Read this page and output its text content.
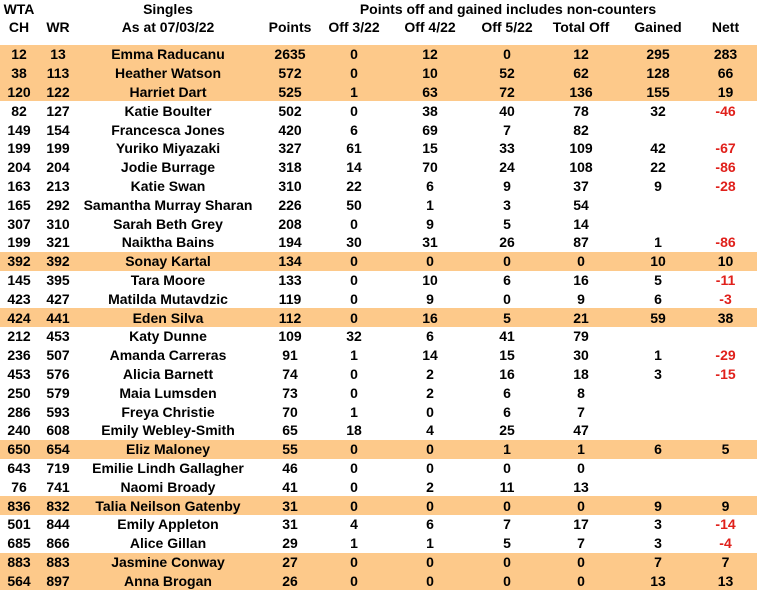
WTA		Singles		Points off and gained includes non-counters					
CH	WR	As at 07/03/22	Points	Off 3/22	Off 4/22	Off 5/22	Total Off	Gained	Nett

12	13	Emma Raducanu	2635	0	12	0	12	295	283
38	113	Heather Watson	572	0	10	52	62	128	66
120	122	Harriet Dart	525	1	63	72	136	155	19
82	127	Katie Boulter	502	0	38	40	78	32	-46
149	154	Francesca Jones	420	6	69	7	82		
199	199	Yuriko Miyazaki	327	61	15	33	109	42	-67
204	204	Jodie Burrage	318	14	70	24	108	22	-86
163	213	Katie Swan	310	22	6	9	37	9	-28
165	292	Samantha Murray Sharan	226	50	1	3	54		
307	310	Sarah Beth Grey	208	0	9	5	14		
199	321	Naiktha Bains	194	30	31	26	87	1	-86
392	392	Sonay Kartal	134	0	0	0	0	10	10
145	395	Tara Moore	133	0	10	6	16	5	-11
423	427	Matilda Mutavdzic	119	0	9	0	9	6	-3
424	441	Eden Silva	112	0	16	5	21	59	38
212	453	Katy Dunne	109	32	6	41	79		
236	507	Amanda Carreras	91	1	14	15	30	1	-29
453	576	Alicia Barnett	74	0	2	16	18	3	-15
250	579	Maia Lumsden	73	0	2	6	8		
286	593	Freya Christie	70	1	0	6	7		
240	608	Emily Webley-Smith	65	18	4	25	47		
650	654	Eliz Maloney	55	0	0	1	1	6	5
643	719	Emilie Lindh Gallagher	46	0	0	0	0		
76	741	Naomi Broady	41	0	2	11	13		
836	832	Talia Neilson Gatenby	31	0	0	0	0	9	9
501	844	Emily Appleton	31	4	6	7	17	3	-14
685	866	Alice Gillan	29	1	1	5	7	3	-4
883	883	Jasmine Conway	27	0	0	0	0	7	7
564	897	Anna Brogan	26	0	0	0	0	13	13
